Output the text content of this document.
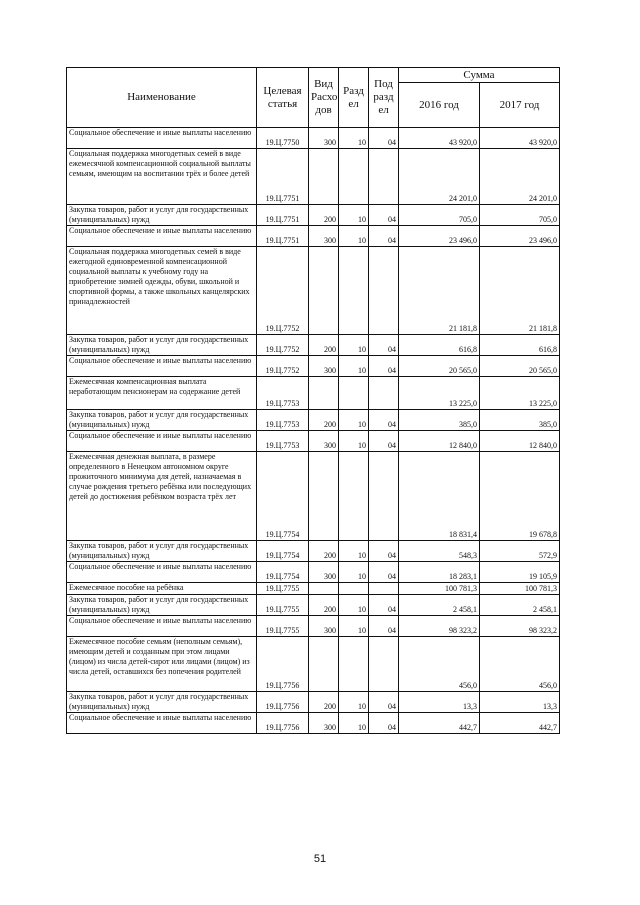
Наименование	Целевая статья	Вид Расхо дов	Разд ел	Под разд ел	Сумма	
					2016 год	2017 год
Социальное обеспечение и иные выплаты населению	19.Ц.7750	300	10	04	43 920,0	43 920,0
Социальная поддержка многодетных семей в виде ежемесячной компенсационной социальной выплаты семьям, имеющим на воспитании трёх и более детей	19.Ц.7751				24 201,0	24 201,0
Закупка товаров, работ и услуг для государственных (муниципальных) нужд	19.Ц.7751	200	10	04	705,0	705,0
Социальное обеспечение и иные выплаты населению	19.Ц.7751	300	10	04	23 496,0	23 496,0
Социальная поддержка многодетных семей в виде ежегодной единовременной компенсационной социальной выплаты к учебному году на приобретение зимней одежды, обуви, школьной и спортивной формы, а также школьных канцелярских принадлежностей	19.Ц.7752				21 181,8	21 181,8
Закупка товаров, работ и услуг для государственных (муниципальных) нужд	19.Ц.7752	200	10	04	616,8	616,8
Социальное обеспечение и иные выплаты населению	19.Ц.7752	300	10	04	20 565,0	20 565,0
Ежемесячная компенсационная выплата неработающим пенсионерам на содержание детей	19.Ц.7753				13 225,0	13 225,0
Закупка товаров, работ и услуг для государственных (муниципальных) нужд	19.Ц.7753	200	10	04	385,0	385,0
Социальное обеспечение и иные выплаты населению	19.Ц.7753	300	10	04	12 840,0	12 840,0
Ежемесячная денежная выплата, в размере определенного в Ненецком автономном округе прожиточного минимума для детей, назначаемая в случае рождения третьего ребёнка или последующих детей до достижения ребёнком возраста трёх лет	19.Ц.7754				18 831,4	19 678,8
Закупка товаров, работ и услуг для государственных (муниципальных) нужд	19.Ц.7754	200	10	04	548,3	572,9
Социальное обеспечение и иные выплаты населению	19.Ц.7754	300	10	04	18 283,1	19 105,9
Ежемесячное пособие на ребёнка	19.Ц.7755				100 781,3	100 781,3
Закупка товаров, работ и услуг для государственных (муниципальных) нужд	19.Ц.7755	200	10	04	2 458,1	2 458,1
Социальное обеспечение и иные выплаты населению	19.Ц.7755	300	10	04	98 323,2	98 323,2
Ежемесячное пособие семьям (неполным семьям), имеющим детей и созданным при этом лицами (лицом) из числа детей-сирот или лицами (лицом) из числа детей, оставшихся без попечения родителей	19.Ц.7756				456,0	456,0
Закупка товаров, работ и услуг для государственных (муниципальных) нужд	19.Ц.7756	200	10	04	13,3	13,3
Социальное обеспечение и иные выплаты населению	19.Ц.7756	300	10	04	442,7	442,7
51
